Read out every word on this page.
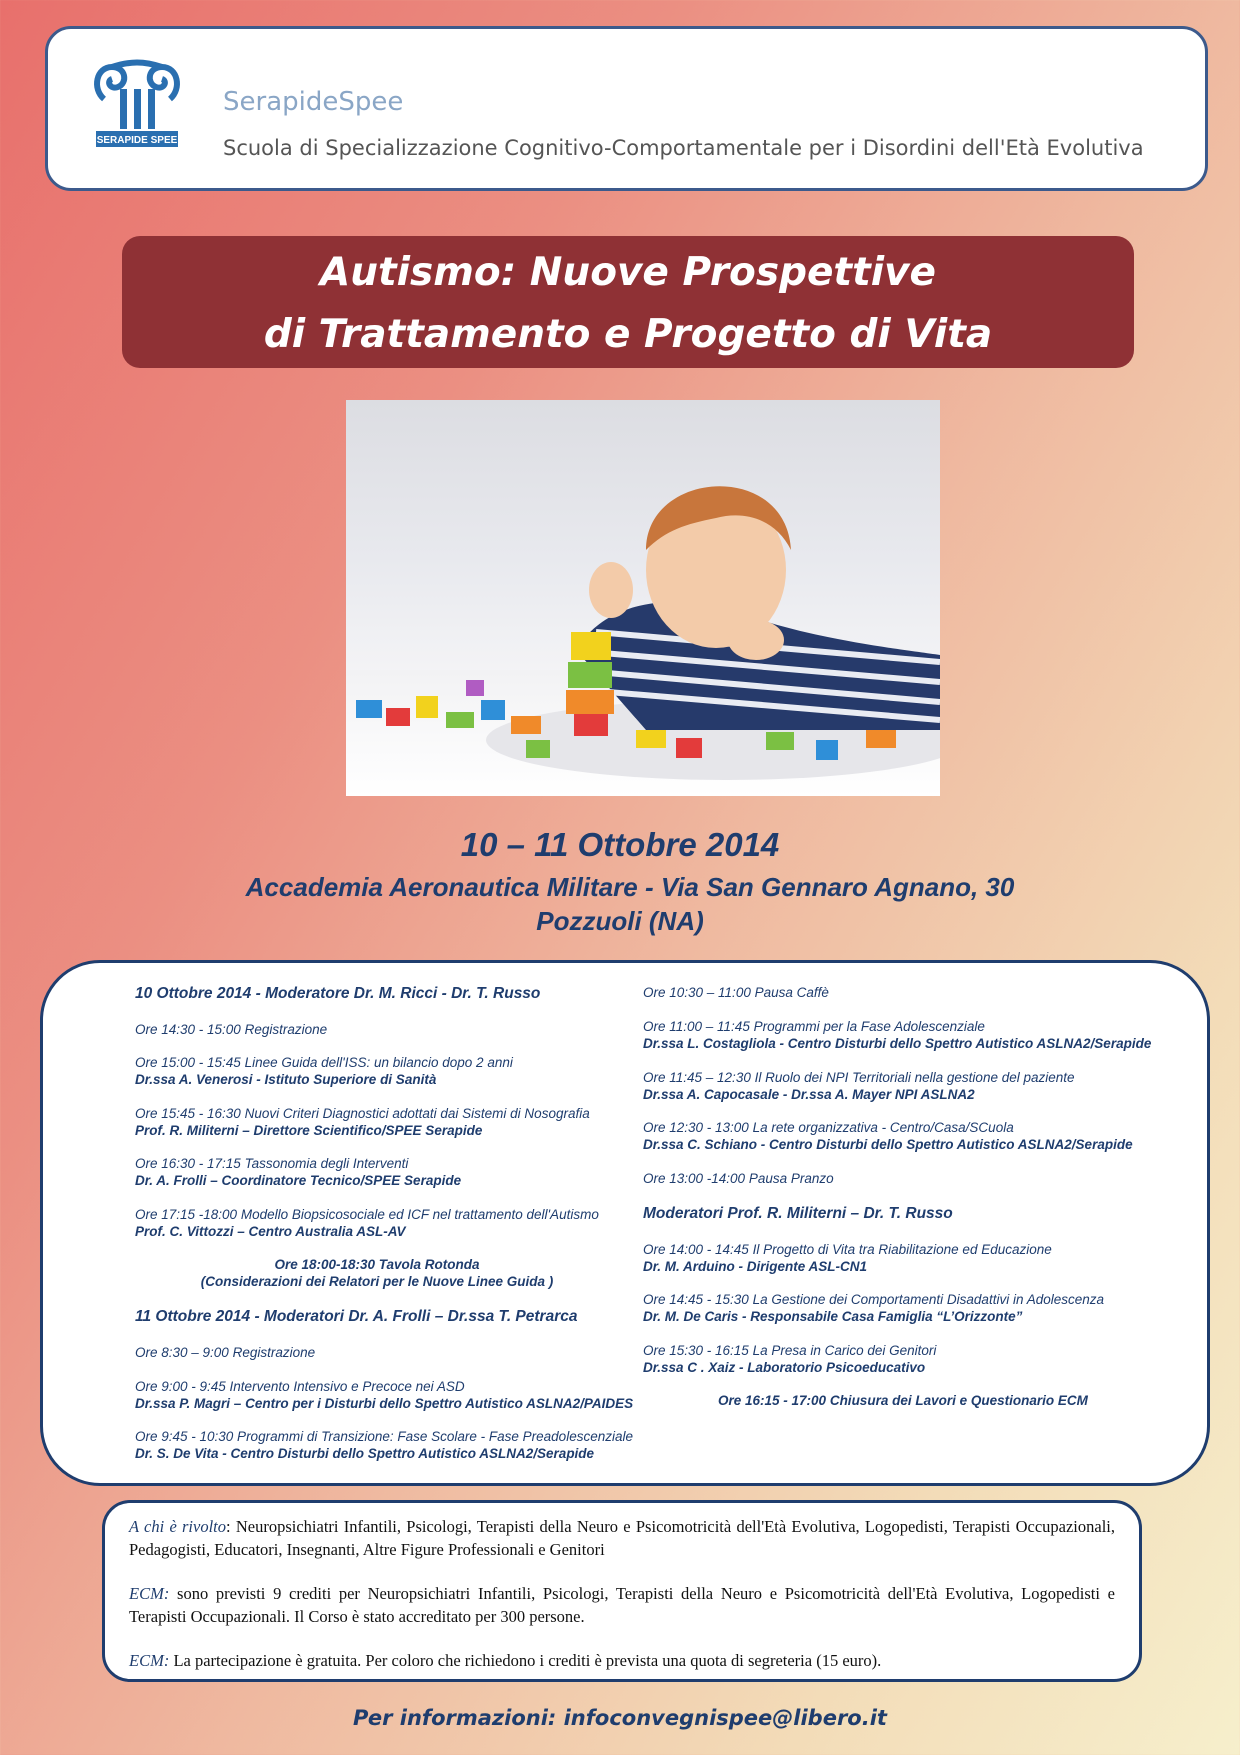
SERAPIDE SPEE
SerapideSpee
Scuola di Specializzazione Cognitivo-Comportamentale per i Disordini dell'Età Evolutiva
Autismo: Nuove Prospettive
di Trattamento e Progetto di Vita
10 – 11 Ottobre 2014
Accademia Aeronautica Militare - Via San Gennaro Agnano, 30
Pozzuoli (NA)
10 Ottobre 2014 - Moderatore Dr. M. Ricci - Dr. T. Russo
Ore 14:30 - 15:00 Registrazione
Ore 15:00 - 15:45 Linee Guida dell'ISS: un bilancio dopo 2 anni
Dr.ssa A. Venerosi - Istituto Superiore di Sanità
Ore 15:45 - 16:30 Nuovi Criteri Diagnostici adottati dai Sistemi di Nosografia
Prof. R. Militerni – Direttore Scientifico/SPEE Serapide
Ore 16:30 - 17:15 Tassonomia degli Interventi
Dr. A. Frolli – Coordinatore Tecnico/SPEE Serapide
Ore 17:15 -18:00 Modello Biopsicosociale ed ICF nel trattamento dell'Autismo
Prof. C. Vittozzi – Centro Australia ASL-AV
Ore 18:00-18:30 Tavola Rotonda
(Considerazioni dei Relatori per le Nuove Linee Guida )
11 Ottobre 2014 - Moderatori Dr. A. Frolli – Dr.ssa T. Petrarca
Ore 8:30 – 9:00 Registrazione
Ore 9:00 - 9:45 Intervento Intensivo e Precoce nei ASD
Dr.ssa P. Magri – Centro per i Disturbi dello Spettro Autistico ASLNA2/PAIDES
Ore 9:45 - 10:30 Programmi di Transizione: Fase Scolare - Fase Preadolescenziale
Dr. S. De Vita - Centro Disturbi dello Spettro Autistico ASLNA2/Serapide
Ore 10:30 – 11:00 Pausa Caffè
Ore 11:00 – 11:45 Programmi per la Fase Adolescenziale
Dr.ssa L. Costagliola - Centro Disturbi dello Spettro Autistico ASLNA2/Serapide
Ore 11:45 – 12:30 Il Ruolo dei NPI Territoriali nella gestione del paziente
Dr.ssa A. Capocasale - Dr.ssa A. Mayer NPI ASLNA2
Ore 12:30 - 13:00 La rete organizzativa - Centro/Casa/SCuola
Dr.ssa C. Schiano - Centro Disturbi dello Spettro Autistico ASLNA2/Serapide
Ore 13:00 -14:00 Pausa Pranzo
Moderatori Prof. R. Militerni – Dr. T. Russo
Ore 14:00 - 14:45 Il Progetto di Vita tra Riabilitazione ed Educazione
Dr. M. Arduino - Dirigente ASL-CN1
Ore 14:45 - 15:30 La Gestione dei Comportamenti Disadattivi in Adolescenza
Dr. M. De Caris - Responsabile Casa Famiglia “L’Orizzonte”
Ore 15:30 - 16:15 La Presa in Carico dei Genitori
Dr.ssa C . Xaiz - Laboratorio Psicoeducativo
Ore 16:15 - 17:00 Chiusura dei Lavori e Questionario ECM

A chi è rivolto: Neuropsichiatri Infantili, Psicologi, Terapisti della Neuro e Psicomotricità dell'Età Evolutiva, Logopedisti, Terapisti Occupazionali, Pedagogisti, Educatori, Insegnanti, Altre Figure Professionali e Genitori

ECM: sono previsti 9 crediti per Neuropsichiatri Infantili, Psicologi, Terapisti della Neuro e Psicomotricità dell'Età Evolutiva, Logopedisti e Terapisti Occupazionali. Il Corso è stato accreditato per 300 persone.

ECM: La partecipazione è gratuita. Per coloro che richiedono i crediti è prevista una quota di segreteria (15 euro).

Per informazioni: infoconvegnispee@libero.it
